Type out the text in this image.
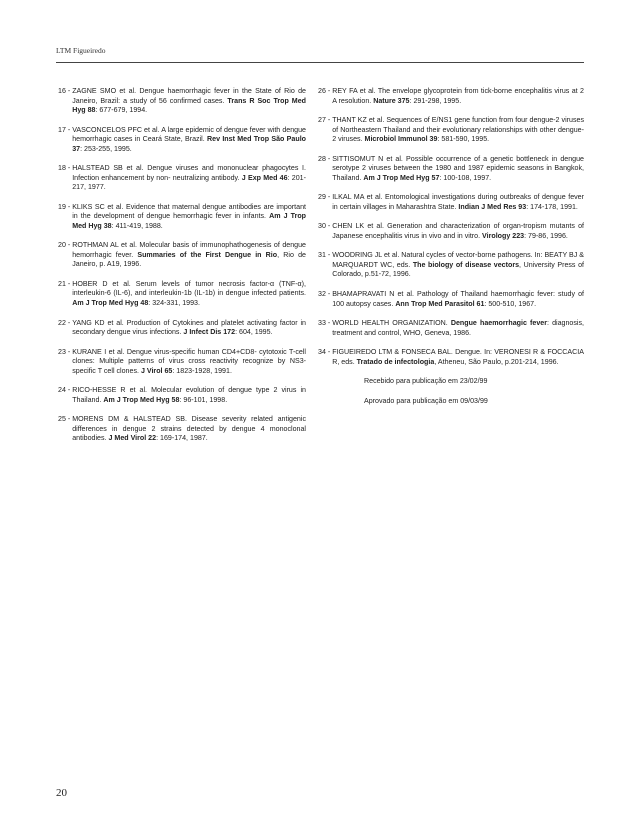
LTM Figueiredo
16 - ZAGNE SMO et al. Dengue haemorrhagic fever in the State of Rio de Janeiro, Brazil: a study of 56 confirmed cases. Trans R Soc Trop Med Hyg 88: 677-679, 1994.
17 - VASCONCELOS PFC et al. A large epidemic of dengue fever with dengue hemorrhagic cases in Ceará State, Brazil. Rev Inst Med Trop São Paulo 37: 253-255, 1995.
18 - HALSTEAD SB et al. Dengue viruses and mononuclear phagocytes I. Infection enhancement by non- neutralizing antibody. J Exp Med 46: 201-217, 1977.
19 - KLIKS SC et al. Evidence that maternal dengue antibodies are important in the development of dengue hemorrhagic fever in infants. Am J Trop Med Hyg 38: 411-419, 1988.
20 - ROTHMAN AL et al. Molecular basis of immunophathogenesis of dengue hemorrhagic fever. Summaries of the First Dengue in Rio, Rio de Janeiro, p. A19, 1996.
21 - HOBER D et al. Serum levels of tumor necrosis factor-α (TNF-α), interleukin-6 (IL-6), and interleukin-1b (IL-1b) in dengue infected patients. Am J Trop Med Hyg 48: 324-331, 1993.
22 - YANG KD et al. Production of Cytokines and platelet activating factor in secondary dengue virus infections. J Infect Dis 172: 604, 1995.
23 - KURANE I et al. Dengue virus-specific human CD4+CD8- cytotoxic T-cell clones: Multiple patterns of virus cross reactivity recognize by NS3-specific T cell clones. J Virol 65: 1823-1928, 1991.
24 - RICO-HESSE R et al. Molecular evolution of dengue type 2 virus in Thailand. Am J Trop Med Hyg 58: 96-101, 1998.
25 - MORENS DM & HALSTEAD SB. Disease severity related antigenic differences in dengue 2 strains detected by dengue 4 monoclonal antibodies. J Med Virol 22: 169-174, 1987.
26 - REY FA et al. The envelope glycoprotein from tick-borne encephalitis virus at 2 A resolution. Nature 375: 291-298, 1995.
27 - THANT KZ et al. Sequences of E/NS1 gene function from four dengue-2 viruses of Northeastern Thailand and their evolutionary relationships with other dengue-2 viruses. Microbiol Immunol 39: 581-590, 1995.
28 - SITTISOMUT N et al. Possible occurrence of a genetic bottleneck in dengue serotype 2 viruses between the 1980 and 1987 epidemic seasons in Bangkok, Thailand. Am J Trop Med Hyg 57: 100-108, 1997.
29 - ILKAL MA et al. Entomological investigations during outbreaks of dengue fever in certain villages in Maharashtra State. Indian J Med Res 93: 174-178, 1991.
30 - CHEN LK et al. Generation and characterization of organ-tropism mutants of Japanese encephalitis virus in vivo and in vitro. Virology 223: 79-86, 1996.
31 - WOODRING JL et al. Natural cycles of vector-borne pathogens. In: BEATY BJ & MARQUARDT WC, eds. The biology of disease vectors, University Press of Colorado, p.51-72, 1996.
32 - BHAMAPRAVATI N et al. Pathology of Thailand haemorrhagic fever: study of 100 autopsy cases. Ann Trop Med Parasitol 61: 500-510, 1967.
33 - WORLD HEALTH ORGANIZATION. Dengue haemorrhagic fever: diagnosis, treatment and control, WHO, Geneva, 1986.
34 - FIGUEIREDO LTM & FONSECA BAL. Dengue. In: VERONESI R & FOCCACIA R, eds. Tratado de infectologia, Atheneu, São Paulo, p.201-214, 1996.

Recebido para publicação em 23/02/99

Aprovado para publicação em 09/03/99

20
